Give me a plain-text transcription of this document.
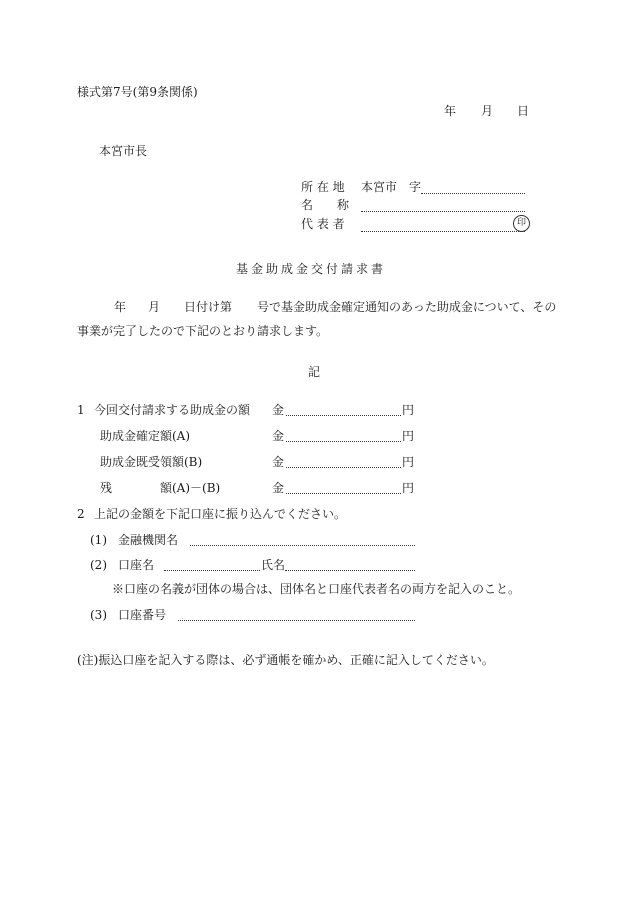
様式第7号(第9条関係)
年 月 日
本宮市長
所 在 地 本宮市　字
名　　称
代 表 者	印
基金助成金交付請求書
年 月 日付け第 号で基金助成金確定通知のあった助成金について、その
事業が完了したので下記のとおり請求します。
記
1 今回交付請求する助成金の額 金	円
助成金確定額(A)	金	円
助成金既受領額(B)	金	円
残	額(A)－(B)	金	円
2 上記の金額を下記口座に振り込んでください。
(1) 金融機関名
(2) 口座名	氏名
※口座の名義が団体の場合は、団体名と口座代表者名の両方を記入のこと。
(3) 口座番号
(注)振込口座を記入する際は、必ず通帳を確かめ、正確に記入してください。
